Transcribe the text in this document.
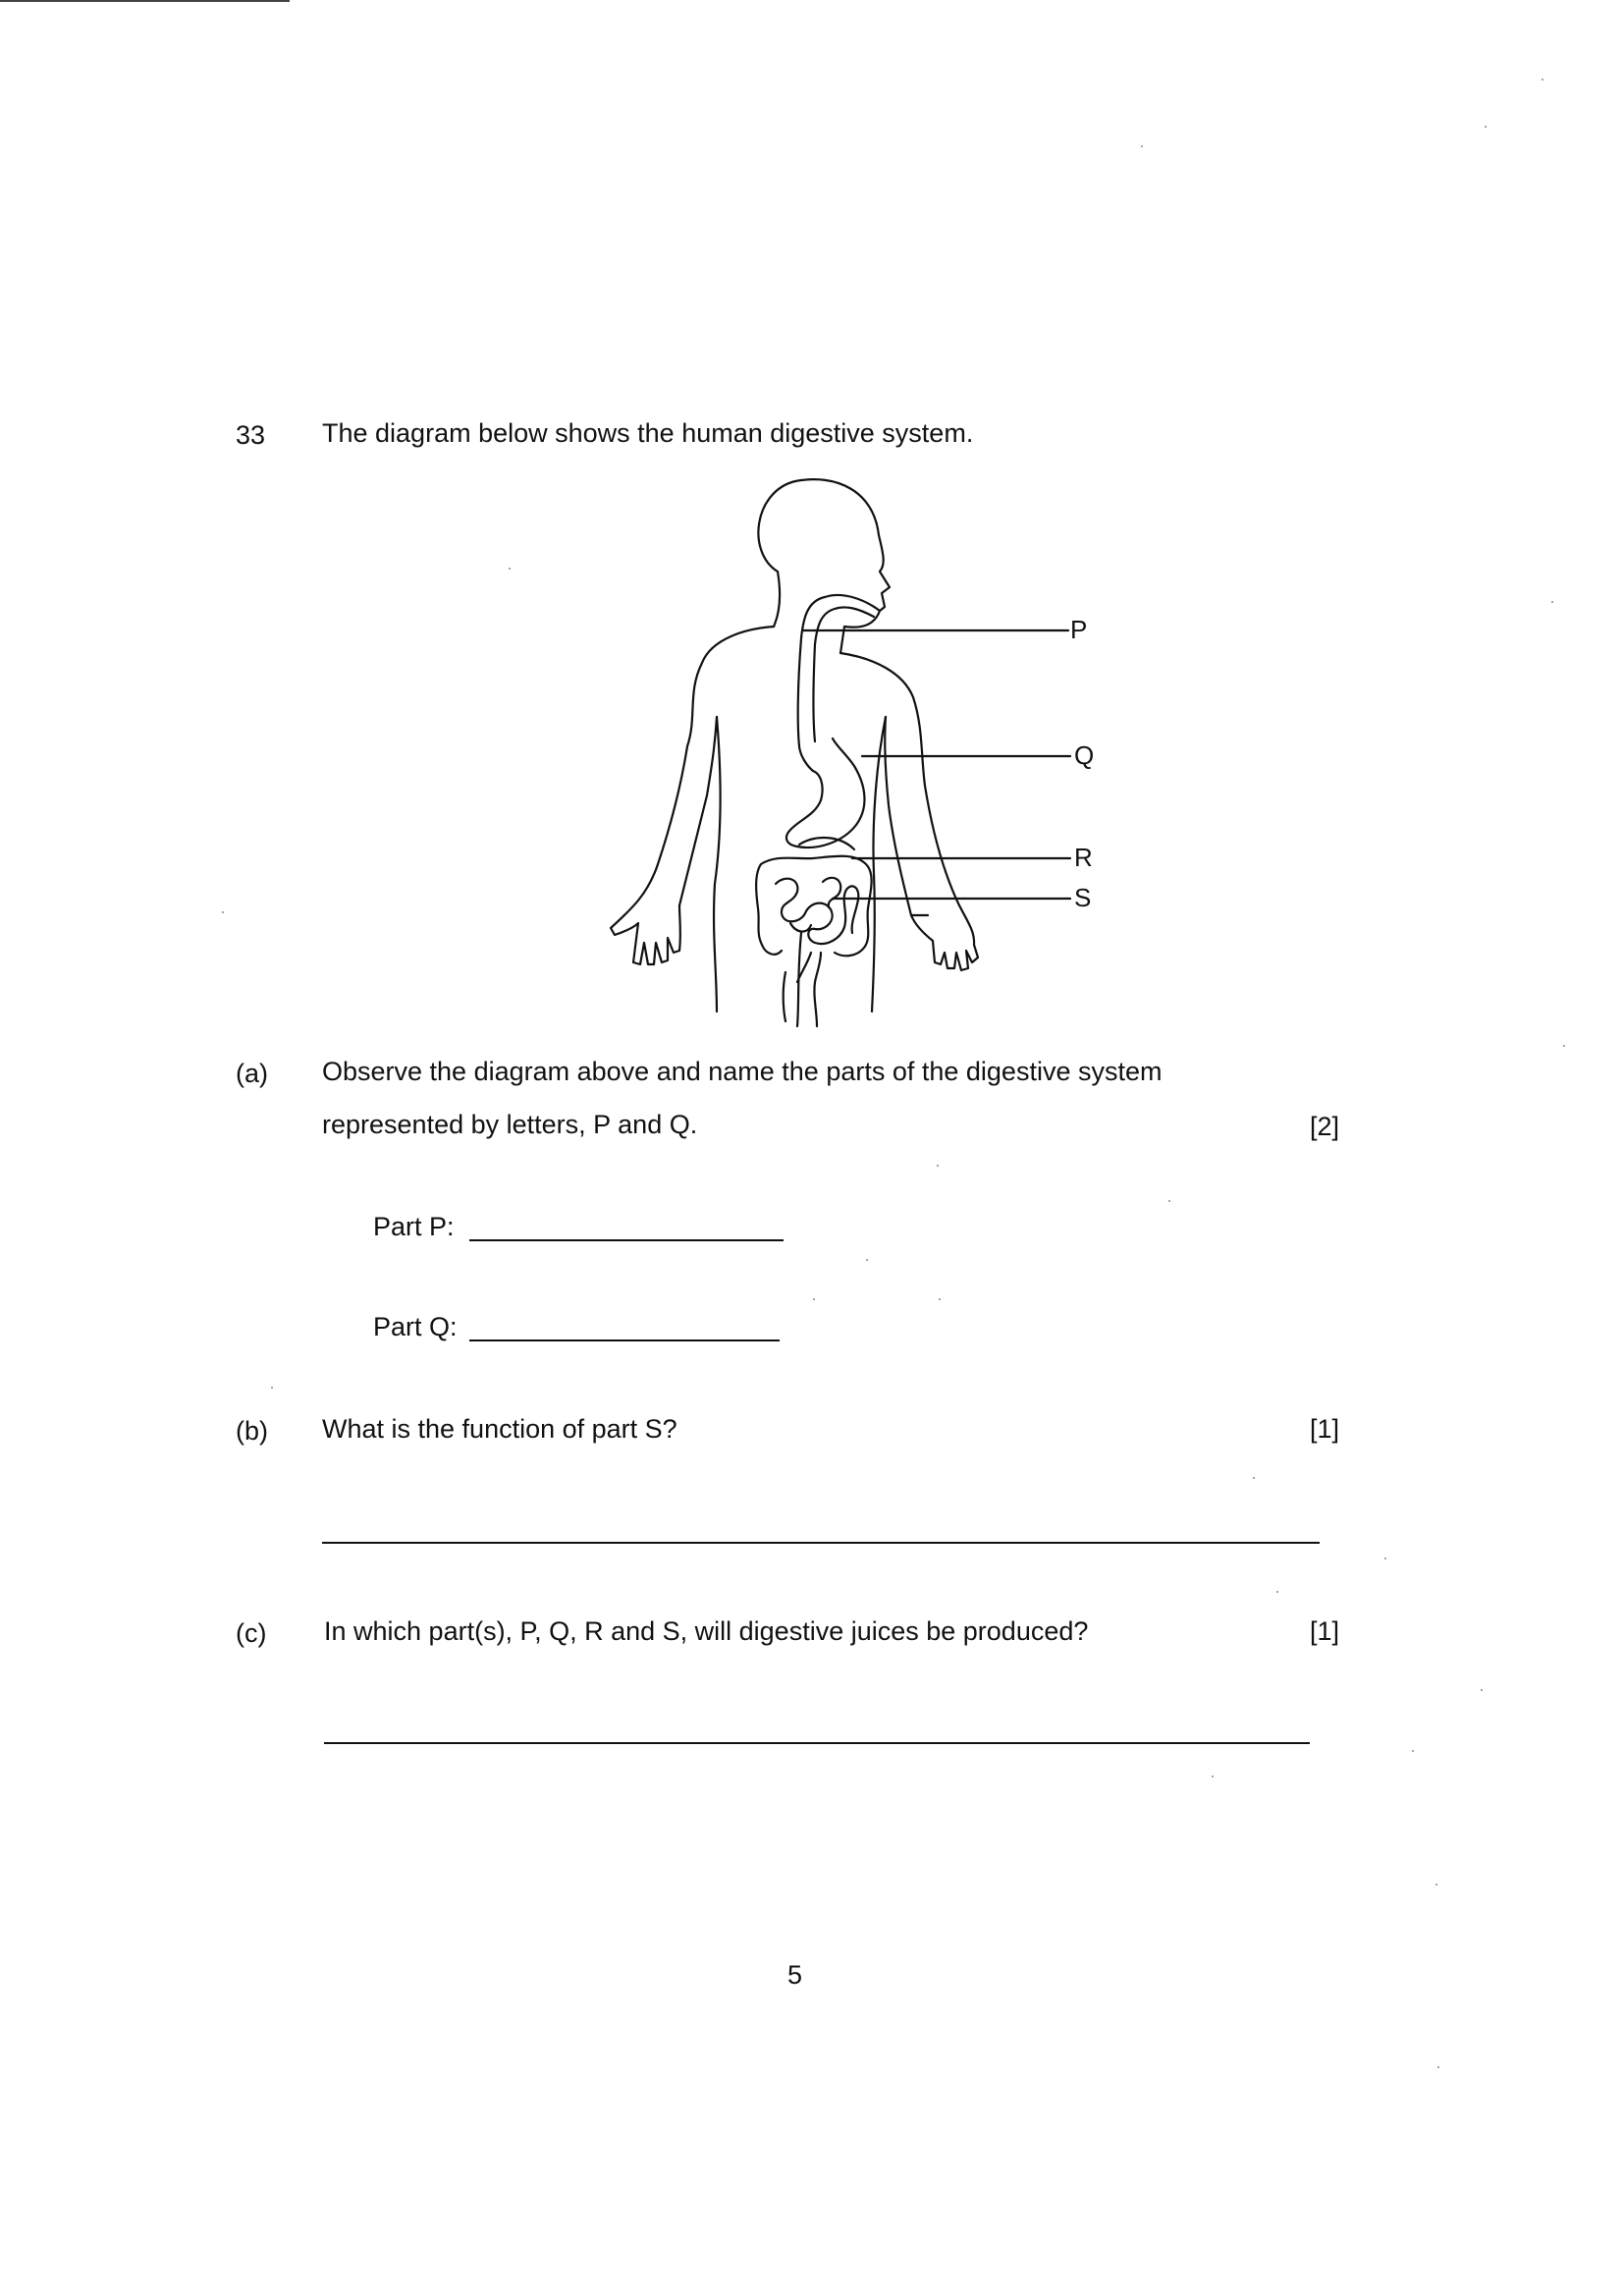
33 The diagram below shows the human digestive system.
P
Q
R
S
(a) Observe the diagram above and name the parts of the digestive system
represented by letters, P and Q.	[2]
Part P:
Part Q:
(b) What is the function of part S?	[1]
(c) In which part(s), P, Q, R and S, will digestive juices be produced?	[1]
5
